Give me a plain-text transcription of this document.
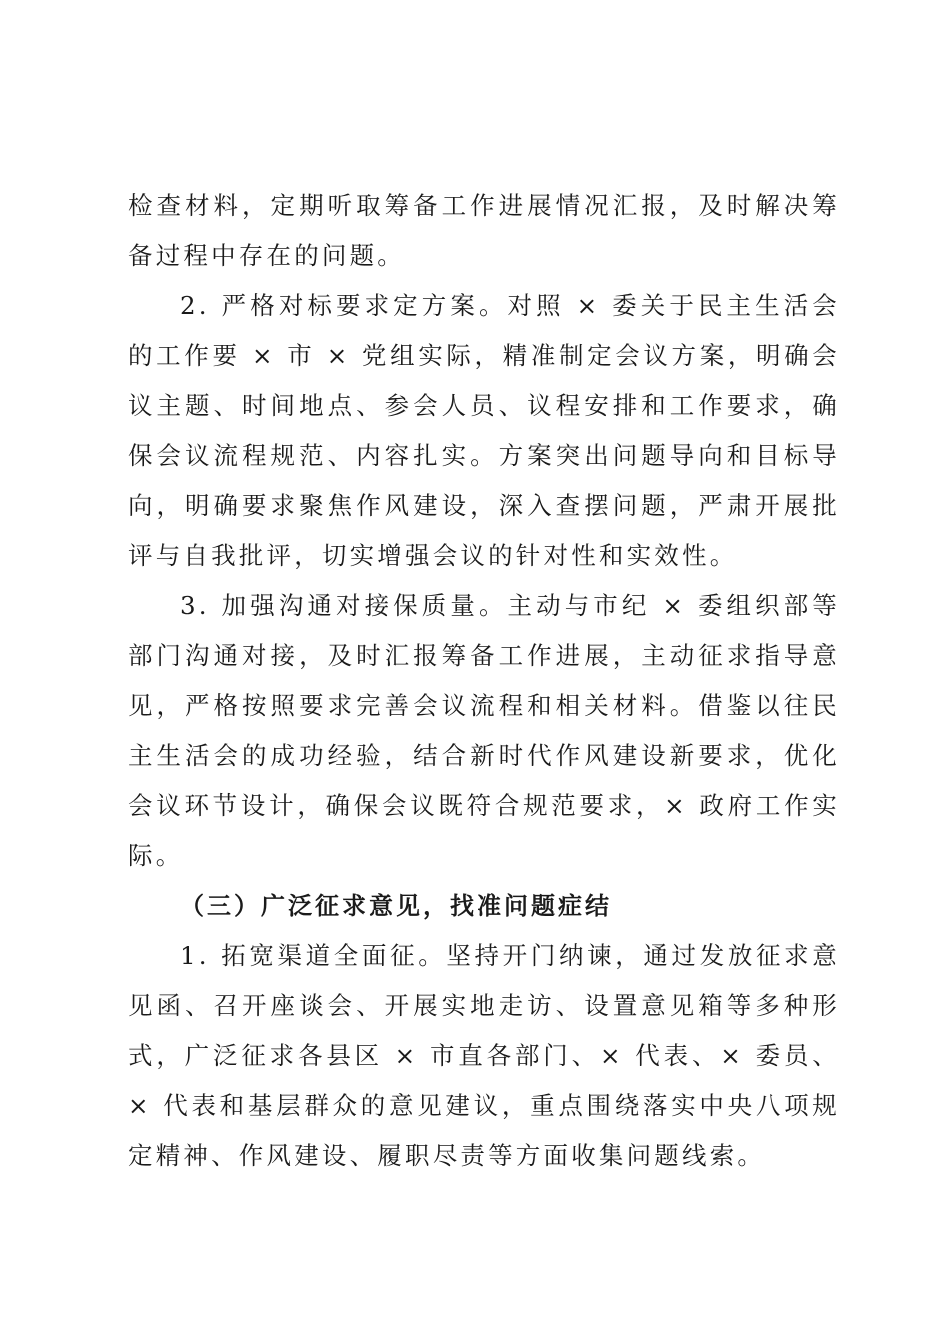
检查材料，定期听取筹备工作进展情况汇报，及时解决筹备过程中存在的问题。

2. 严格对标要求定方案。对照 × 委关于民主生活会的工作要 × 市 × 党组实际，精准制定会议方案，明确会议主题、时间地点、参会人员、议程安排和工作要求，确保会议流程规范、内容扎实。方案突出问题导向和目标导向，明确要求聚焦作风建设，深入查摆问题，严肃开展批评与自我批评，切实增强会议的针对性和实效性。

3. 加强沟通对接保质量。主动与市纪 × 委组织部等部门沟通对接，及时汇报筹备工作进展，主动征求指导意见，严格按照要求完善会议流程和相关材料。借鉴以往民主生活会的成功经验，结合新时代作风建设新要求，优化会议环节设计，确保会议既符合规范要求，× 政府工作实际。

（三）广泛征求意见，找准问题症结

1. 拓宽渠道全面征。坚持开门纳谏，通过发放征求意见函、召开座谈会、开展实地走访、设置意见箱等多种形式，广泛征求各县区 × 市直各部门、× 代表、× 委员、× 代表和基层群众的意见建议，重点围绕落实中央八项规定精神、作风建设、履职尽责等方面收集问题线索。
